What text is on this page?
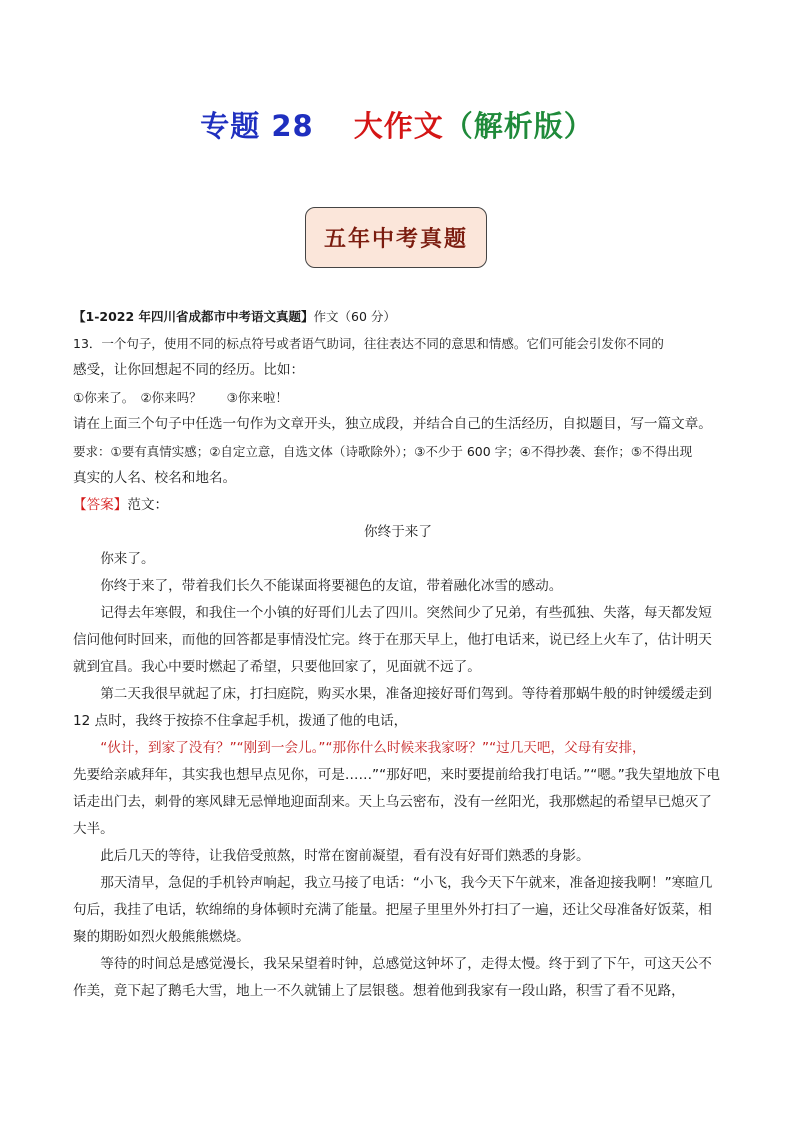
专题 28 大作文（解析版）
五年中考真题

【1-2022 年四川省成都市中考语文真题】作文（60 分）

13．一个句子，使用不同的标点符号或者语气助词，往往表达不同的意思和情感。它们可能会引发你不同的

感受，让你回想起不同的经历。比如：

①你来了。　②你来吗？　　③你来啦！

请在上面三个句子中任选一句作为文章开头，独立成段，并结合自己的生活经历，自拟题目，写一篇文章。

要求：①要有真情实感；②自定立意，自选文体（诗歌除外）；③不少于 600 字；④不得抄袭、套作；⑤不得出现

真实的人名、校名和地名。

【答案】范文：

你终于来了

你来了。

你终于来了，带着我们长久不能谋面将要褪色的友谊，带着融化冰雪的感动。

记得去年寒假，和我住一个小镇的好哥们儿去了四川。突然间少了兄弟，有些孤独、失落，每天都发短信问他何时回来，而他的回答都是事情没忙完。终于在那天早上，他打电话来，说已经上火车了，估计明天就到宜昌。我心中要时燃起了希望，只要他回家了，见面就不远了。

第二天我很早就起了床，打扫庭院，购买水果，准备迎接好哥们驾到。等待着那蜗牛般的时钟缓缓走到 12 点时，我终于按捺不住拿起手机，拨通了他的电话，

“伙计，到家了没有？”“刚到一会儿。”“那你什么时候来我家呀？”“过几天吧，父母有安排，

先要给亲戚拜年，其实我也想早点见你，可是……”“那好吧，来时要提前给我打电话。”“嗯。”我失望地放下电话走出门去，刺骨的寒风肆无忌惮地迎面刮来。天上乌云密布，没有一丝阳光，我那燃起的希望早已熄灭了大半。

此后几天的等待，让我倍受煎熬，时常在窗前凝望，看有没有好哥们熟悉的身影。

那天清早，急促的手机铃声响起，我立马接了电话：“小飞，我今天下午就来，准备迎接我啊！”寒暄几句后，我挂了电话，软绵绵的身体顿时充满了能量。把屋子里里外外打扫了一遍，还让父母准备好饭菜，相聚的期盼如烈火般熊熊燃烧。

等待的时间总是感觉漫长，我呆呆望着时钟，总感觉这钟坏了，走得太慢。终于到了下午，可这天公不作美，竟下起了鹅毛大雪，地上一不久就铺上了层银毯。想着他到我家有一段山路，积雪了看不见路，
